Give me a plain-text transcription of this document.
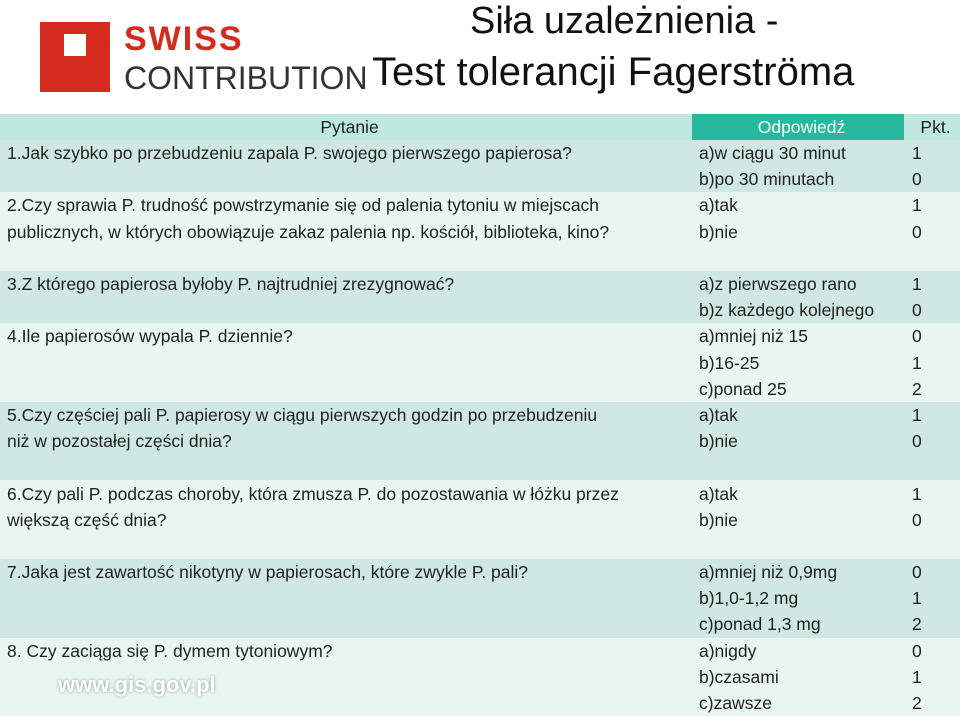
SWISS
CONTRIBUTION
Siła uzależnienia -
Test tolerancji Fagerströma
Pytanie	Odpowiedź	Pkt.
1.Jak szybko po przebudzeniu zapala P. swojego pierwszego papierosa?	a)w ciągu 30 minut	1
	b)po 30 minutach	0
2.Czy sprawia P. trudność powstrzymanie się od palenia tytoniu w miejscach	a)tak	1
publicznych, w których obowiązuje zakaz palenia np. kościół, biblioteka, kino?	b)nie	0

3.Z którego papierosa byłoby P. najtrudniej zrezygnować?	a)z pierwszego rano	1
	b)z każdego kolejnego	0
4.Ile papierosów wypala P. dziennie?	a)mniej niż 15	0
	b)16-25	1
	c)ponad 25	2
5.Czy częściej pali P. papierosy w ciągu pierwszych godzin po przebudzeniu	a)tak	1
niż w pozostałej części dnia?	b)nie	0

6.Czy pali P. podczas choroby, która zmusza P. do pozostawania w łóżku przez	a)tak	1
większą część dnia?	b)nie	0

7.Jaka jest zawartość nikotyny w papierosach, które zwykle P. pali?	a)mniej niż 0,9mg	0
	b)1,0-1,2 mg	1
	c)ponad 1,3 mg	2
8. Czy zaciąga się P. dymem tytoniowym?	a)nigdy	0
	b)czasami	1
	c)zawsze	2
www.gis.gov.pl
